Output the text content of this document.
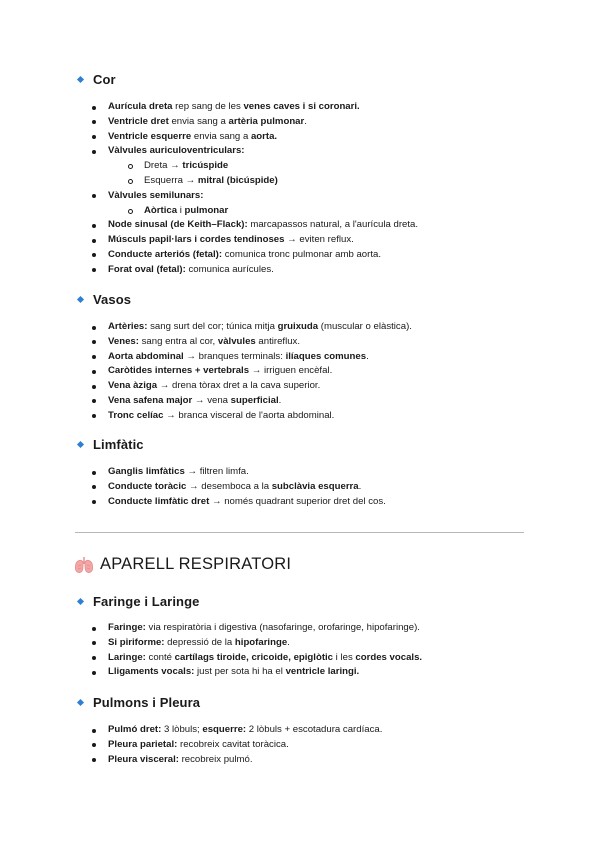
Cor
Aurícula dreta rep sang de les venes caves i si coronari.
Ventricle dret envia sang a artèria pulmonar.
Ventricle esquerre envia sang a aorta.
Vàlvules auriculoventriculars:
Dreta → tricúspide
Esquerra → mitral (bicúspide)
Vàlvules semilunars:
Aòrtica i pulmonar
Node sinusal (de Keith–Flack): marcapassos natural, a l'aurícula dreta.
Músculs papil·lars i cordes tendinoses → eviten reflux.
Conducte arteriós (fetal): comunica tronc pulmonar amb aorta.
Forat oval (fetal): comunica aurícules.
Vasos
Artèries: sang surt del cor; túnica mitja gruixuda (muscular o elàstica).
Venes: sang entra al cor, vàlvules antireflux.
Aorta abdominal → branques terminals: ilíaques comunes.
Caròtides internes + vertebrals → irriguen encèfal.
Vena àzigа → drena tòrax dret a la cava superior.
Vena safena major → vena superficial.
Tronc celíac → branca visceral de l'aorta abdominal.
Limfàtic
Ganglis limfàtics → filtren limfa.
Conducte toràcic → desemboca a la subclàvia esquerra.
Conducte limfàtic dret → només quadrant superior dret del cos.
APARELL RESPIRATORI
Faringe i Laringe
Faringe: via respiratòria i digestiva (nasofaringe, orofaringe, hipofaringe).
Si piriforme: depressió de la hipofaringe.
Laringe: conté cartílags tiroide, cricoide, epiglòtic i les cordes vocals.
Lligaments vocals: just per sota hi ha el ventricle laringi.
Pulmons i Pleura
Pulmó dret: 3 lòbuls; esquerre: 2 lòbuls + escotadura cardíaca.
Pleura parietal: recobreix cavitat toràcica.
Pleura visceral: recobreix pulmó.
